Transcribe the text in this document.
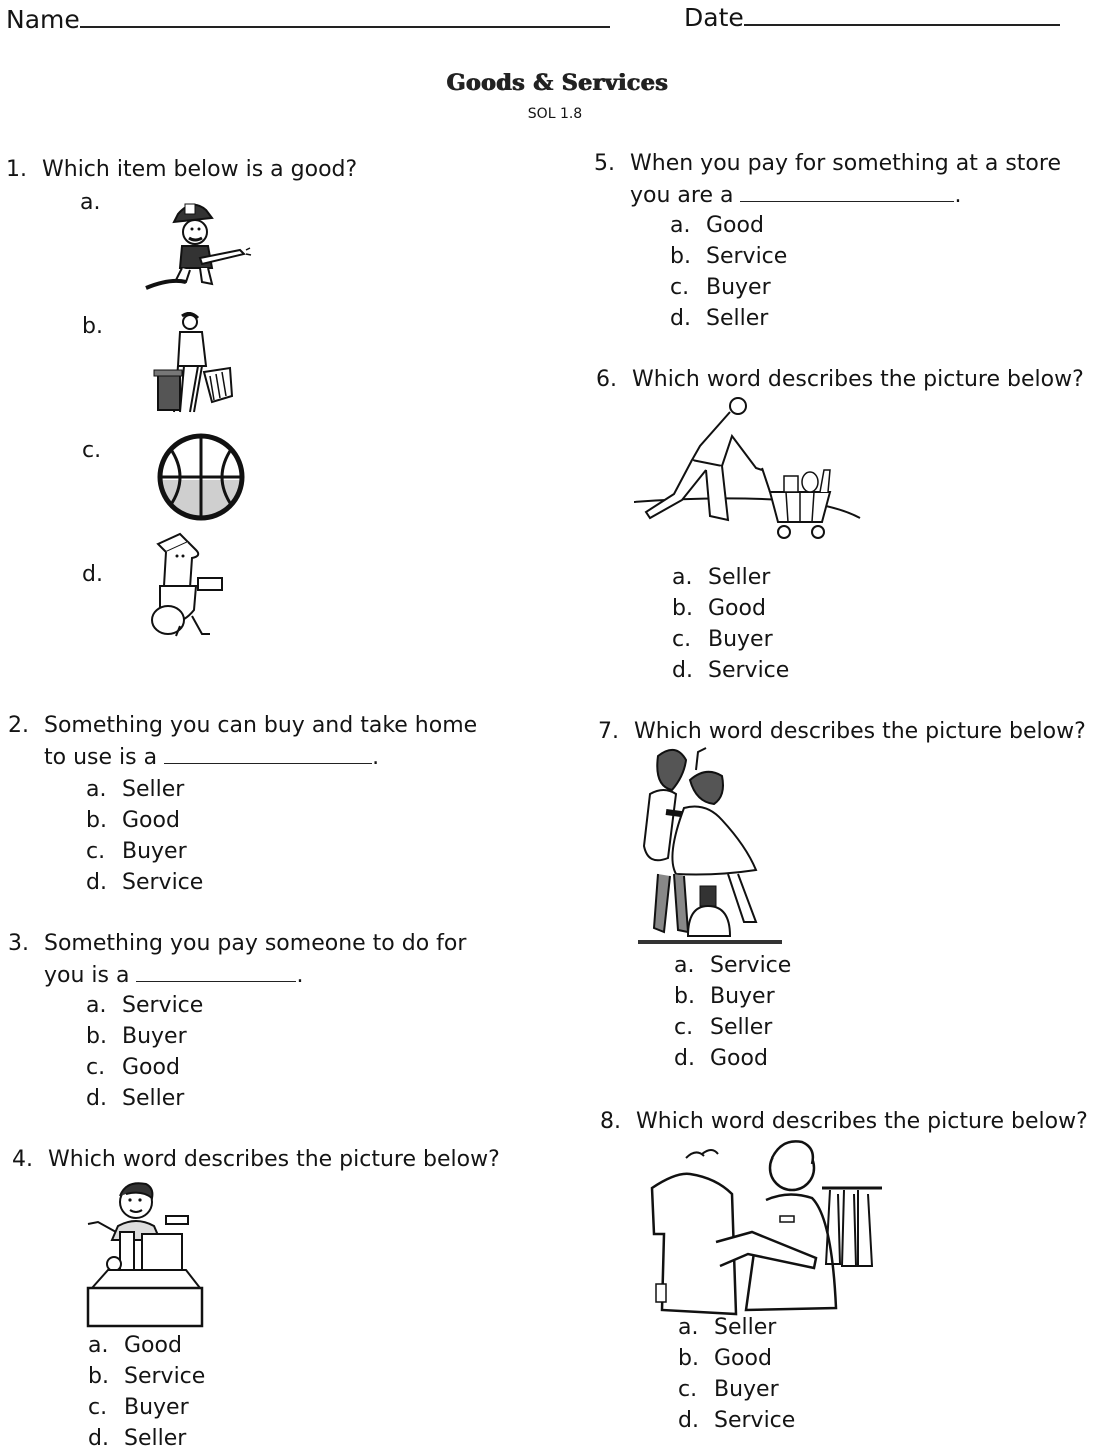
Name	Date
Goods & Services
SOL 1.8
1. Which item below is a good?
a.
b.
c.
d.
2. Something you can buy and take home
to use is a	.
a. Seller
b. Good
c. Buyer
d. Service
3. Something you pay someone to do for
you is a	.
a. Service
b. Buyer
c. Good
d. Seller
4. Which word describes the picture below?
a. Good
b. Service
c. Buyer
d. Seller
5. When you pay for something at a store
you are a	.
a. Good
b. Service
c. Buyer
d. Seller
6. Which word describes the picture below?
a. Seller
b. Good
c. Buyer
d. Service
7. Which word describes the picture below?
a. Service
b. Buyer
c. Seller
d. Good
8. Which word describes the picture below?
a. Seller
b. Good
c. Buyer
d. Service
